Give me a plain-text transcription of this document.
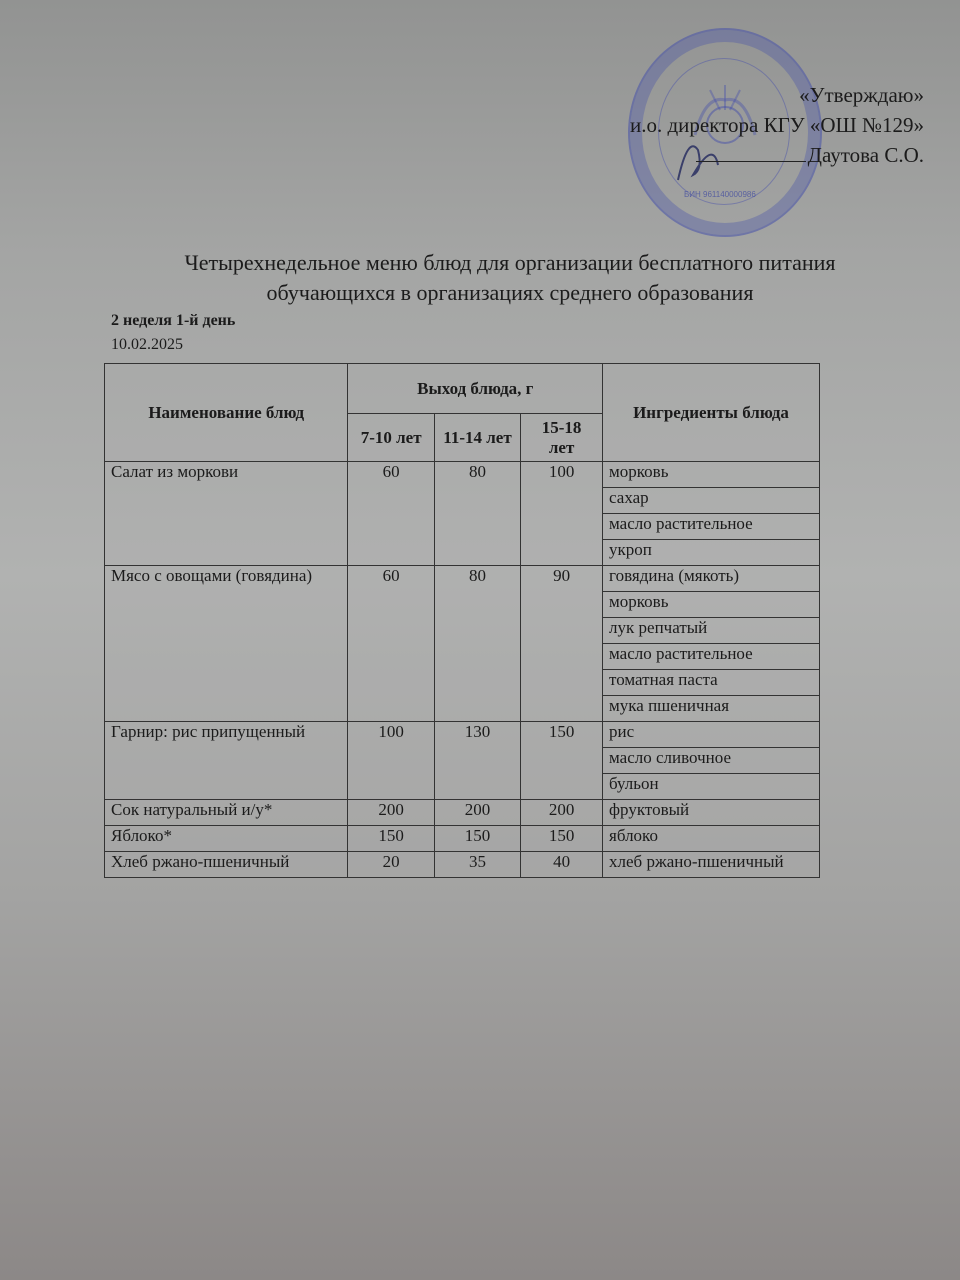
БИН 961140000986
«Утверждаю»
и.о. директора КГУ «ОШ №129»
Даутова С.О.
Четырехнедельное меню блюд для организации бесплатного питания
обучающихся в организациях среднего образования
2 неделя 1-й день
10.02.2025
Наименование блюд	Выход блюда, г			Ингредиенты блюда
	7-10 лет	11-14 лет	15-18 лет	
Салат из моркови	60	80	100	морковь
				сахар
				масло растительное
				укроп
Мясо с овощами (говядина)	60	80	90	говядина (мякоть)
				морковь
				лук репчатый
				масло растительное
				томатная паста
				мука пшеничная
Гарнир: рис припущенный	100	130	150	рис
				масло сливочное
				бульон
Сок натуральный и/у*	200	200	200	фруктовый
Яблоко*	150	150	150	яблоко
Хлеб ржано-пшеничный	20	35	40	хлеб ржано-пшеничный
